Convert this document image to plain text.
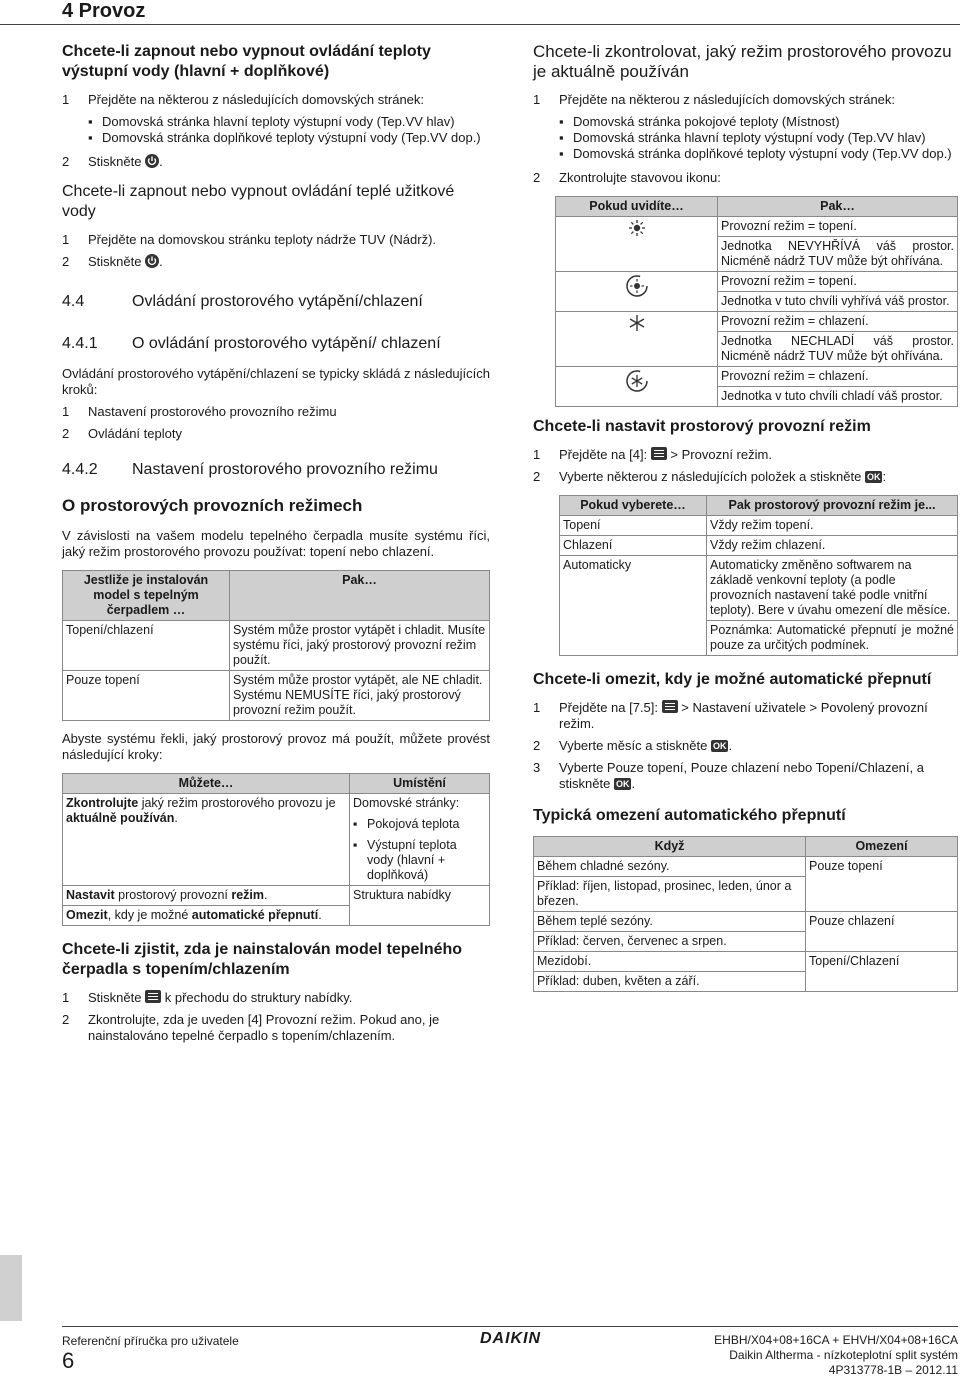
4 Provoz
Chcete-li zapnout nebo vypnout ovládání teploty výstupní vody (hlavní + doplňkové)
1	Přejděte na některou z následujících domovských stránek:
▪ Domovská stránka hlavní teploty výstupní vody (Tep.VV hlav)
▪ Domovská stránka doplňkové teploty výstupní vody (Tep.VV dop.)
2	Stiskněte .
Chcete-li zapnout nebo vypnout ovládání teplé užitkové vody
1	Přejděte na domovskou stránku teploty nádrže TUV (Nádrž).
2	Stiskněte .
4.4	Ovládání prostorového vytápění/chlazení
4.4.1	O ovládání prostorového vytápění/ chlazení
Ovládání prostorového vytápění/chlazení se typicky skládá z následujících kroků:
1	Nastavení prostorového provozního režimu
2	Ovládání teploty
4.4.2	Nastavení prostorového provozního režimu
O prostorových provozních režimech
V závislosti na vašem modelu tepelného čerpadla musíte systému říci, jaký režim prostorového provozu používat: topení nebo chlazení.
Jestliže je instalován model s tepelným čerpadlem …	Pak…
Topení/chlazení	Systém může prostor vytápět i chladit. Musíte systému říci, jaký prostorový provozní režim použít.
Pouze topení	Systém může prostor vytápět, ale NE chladit. Systému NEMUSÍTE říci, jaký prostorový provozní režim použít.
Abyste systému řekli, jaký prostorový provoz má použít, můžete provést následující kroky:
Můžete…	Umístění
Zkontrolujte jaký režim prostorového provozu je aktuálně používán.	Domovské stránky:
▪ Pokojová teplota
▪ Výstupní teplota vody (hlavní + doplňková)

Nastavit prostorový provozní režim.	Struktura nabídky
Omezit, kdy je možné automatické přepnutí.	
Chcete-li zjistit, zda je nainstalován model tepelného čerpadla s topením/chlazením
1	Stiskněte k přechodu do struktury nabídky.
2	Zkontrolujte, zda je uveden [4] Provozní režim. Pokud ano, je nainstalováno tepelné čerpadlo s topením/chlazením.
Chcete-li zkontrolovat, jaký režim prostorového provozu je aktuálně používán
1	Přejděte na některou z následujících domovských stránek:
▪ Domovská stránka pokojové teploty (Místnost)
▪ Domovská stránka hlavní teploty výstupní vody (Tep.VV hlav)
▪ Domovská stránka doplňkové teploty výstupní vody (Tep.VV dop.)
2	Zkontrolujte stavovou ikonu:
Pokud uvidíte…	Pak…
	Provozní režim = topení.
	Jednotka NEVYHŘÍVÁ váš prostor. Nicméně nádrž TUV může být ohřívána.
	Provozní režim = topení.
	Jednotka v tuto chvíli vyhřívá váš prostor.
	Provozní režim = chlazení.
	Jednotka NECHLADÍ váš prostor. Nicméně nádrž TUV může být ohřívána.
	Provozní režim = chlazení.
	Jednotka v tuto chvíli chladí váš prostor.
Chcete-li nastavit prostorový provozní režim
1	Přejděte na [4]: > Provozní režim.
2	Vyberte některou z následujících položek a stiskněte OK :
Pokud vyberete…	Pak prostorový provozní režim je...
Topení	Vždy režim topení.
Chlazení	Vždy režim chlazení.
Automaticky	Automaticky změněno softwarem na základě venkovní teploty (a podle provozních nastavení také podle vnitřní teploty). Bere v úvahu omezení dle měsíce.
	Poznámka: Automatické přepnutí je možné pouze za určitých podmínek.
Chcete-li omezit, kdy je možné automatické přepnutí
1	Přejděte na [7.5]: > Nastavení uživatele > Povolený provozní režim.
2	Vyberte měsíc a stiskněte OK .
3	Vyberte Pouze topení, Pouze chlazení nebo Topení/Chlazení, a stiskněte OK .
Typická omezení automatického přepnutí
Když	Omezení
Během chladné sezóny.	Pouze topení
Příklad: říjen, listopad, prosinec, leden, únor a březen.	
Během teplé sezóny.	Pouze chlazení
Příklad: červen, červenec a srpen.	
Mezidobí.	Topení/Chlazení
Příklad: duben, květen a září.	
Referenční příručka pro uživatele
6
DAIKIN	EHBH/X04+08+16CA + EHVH/X04+08+16CA
Daikin Altherma - nízkoteplotní split systém
4P313778-1B – 2012.11
